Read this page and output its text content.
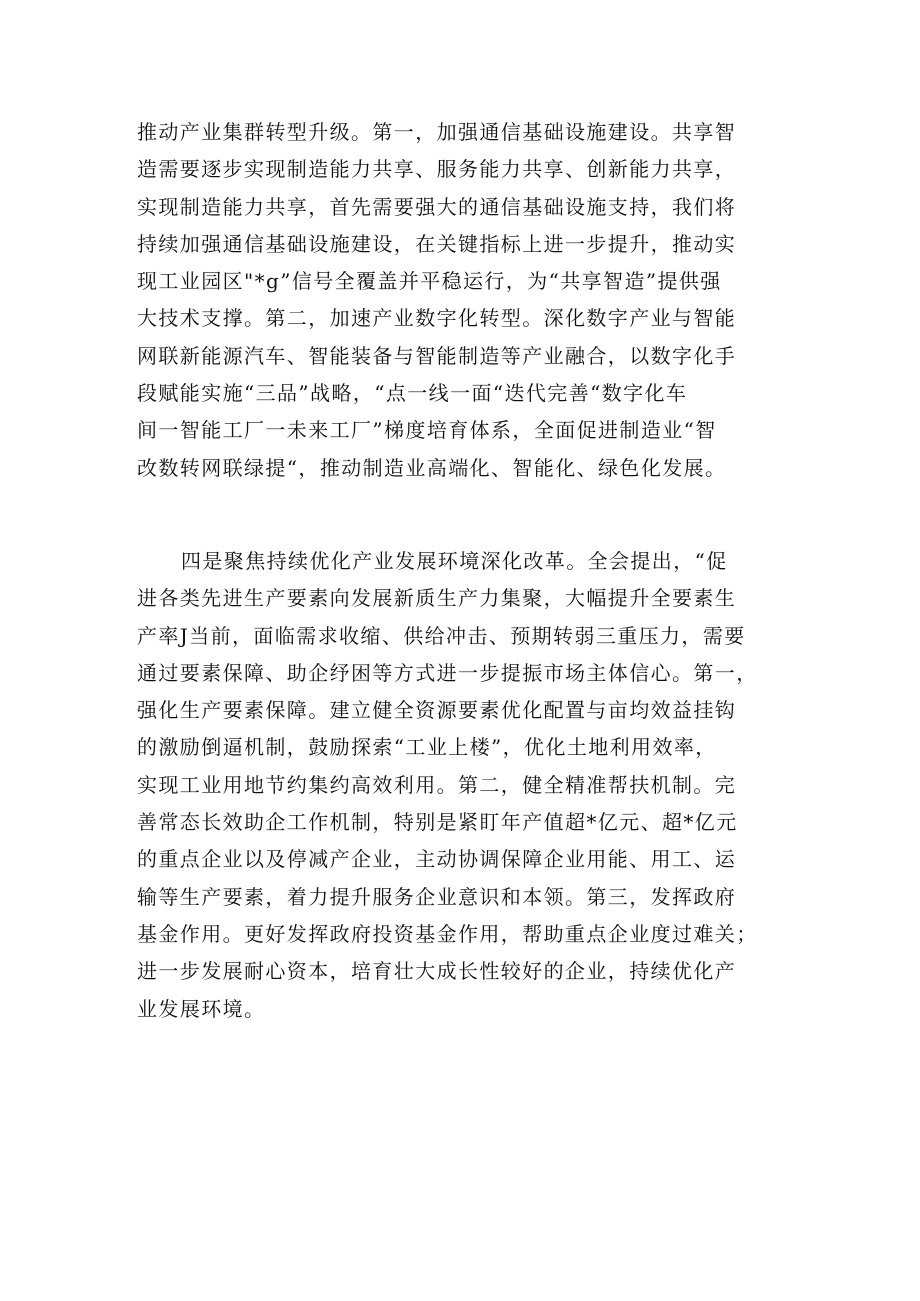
推动产业集群转型升级。第一，加强通信基础设施建设。共享智
造需要逐步实现制造能力共享、服务能力共享、创新能力共享，
实现制造能力共享，首先需要强大的通信基础设施支持，我们将
持续加强通信基础设施建设，在关键指标上进一步提升，推动实
现工业园区"*g”信号全覆盖并平稳运行，为“共享智造”提供强
大技术支撑。第二，加速产业数字化转型。深化数字产业与智能
网联新能源汽车、智能装备与智能制造等产业融合，以数字化手
段赋能实施“三品”战略，“点一线一面“迭代完善“数字化车
间一智能工厂一未来工厂”梯度培育体系，全面促进制造业“智
改数转网联绿提“，推动制造业高端化、智能化、绿色化发展。
四是聚焦持续优化产业发展环境深化改革。全会提出，“促
进各类先进生产要素向发展新质生产力集聚，大幅提升全要素生
产率J当前，面临需求收缩、供给冲击、预期转弱三重压力，需要
通过要素保障、助企纾困等方式进一步提振市场主体信心。第一，
强化生产要素保障。建立健全资源要素优化配置与亩均效益挂钩
的激励倒逼机制，鼓励探索“工业上楼”，优化土地利用效率，
实现工业用地节约集约高效利用。第二，健全精准帮扶机制。完
善常态长效助企工作机制，特别是紧盯年产值超*亿元、超*亿元
的重点企业以及停减产企业，主动协调保障企业用能、用工、运
输等生产要素，着力提升服务企业意识和本领。第三，发挥政府
基金作用。更好发挥政府投资基金作用，帮助重点企业度过难关；
进一步发展耐心资本，培育壮大成长性较好的企业，持续优化产
业发展环境。
